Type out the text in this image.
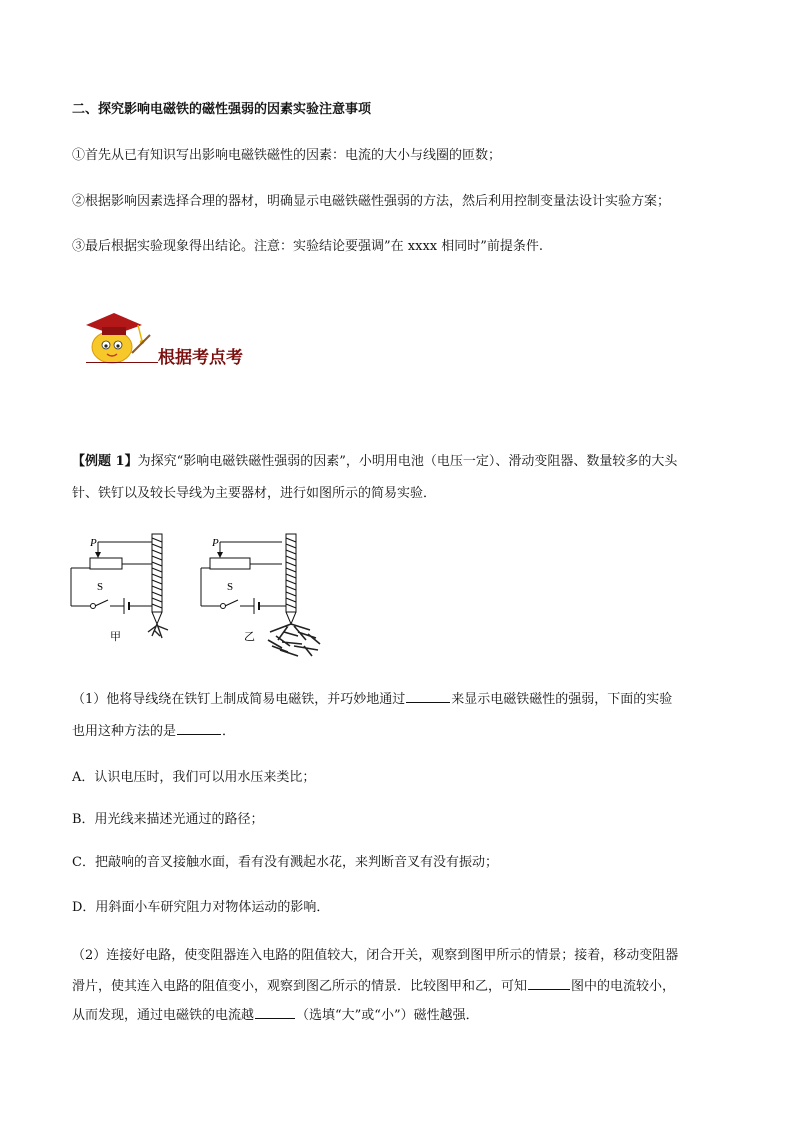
二、探究影响电磁铁的磁性强弱的因素实验注意事项
①首先从已有知识写出影响电磁铁磁性的因素：电流的大小与线圈的匝数；
②根据影响因素选择合理的器材，明确显示电磁铁磁性强弱的方法，然后利用控制变量法设计实验方案；
③最后根据实验现象得出结论。注意：实验结论要强调”在 xxxx 相同时”前提条件.
根据考点考
【例题 1】为探究“影响电磁铁磁性强弱的因素”，小明用电池（电压一定）、滑动变阻器、数量较多的大头
针、铁钉以及较长导线为主要器材，进行如图所示的简易实验．
P
S
甲
P
S
乙
（1）他将导线绕在铁钉上制成简易电磁铁，并巧妙地通过	来显示电磁铁磁性的强弱，下面的实验
也用这种方法的是	．
A．认识电压时，我们可以用水压来类比；
B．用光线来描述光通过的路径；
C．把敲响的音叉接触水面，看有没有溅起水花，来判断音叉有没有振动；
D．用斜面小车研究阻力对物体运动的影响．
（2）连接好电路，使变阻器连入电路的阻值较大，闭合开关，观察到图甲所示的情景；接着，移动变阻器
滑片，使其连入电路的阻值变小，观察到图乙所示的情景．比较图甲和乙，可知	图中的电流较小，
从而发现，通过电磁铁的电流越	（选填“大”或“小”）磁性越强．
